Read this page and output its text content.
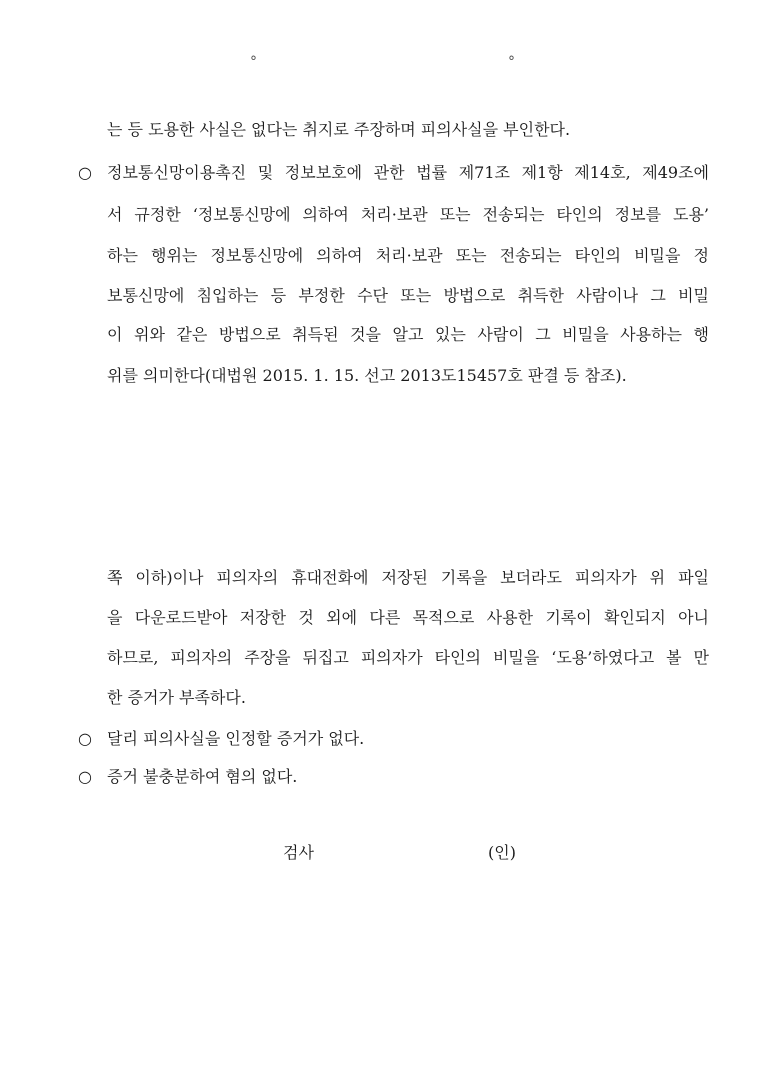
°	°
는 등 도용한 사실은 없다는 취지로 주장하며 피의사실을 부인한다.
○ 정보통신망이용촉진 및 정보보호에 관한 법률 제71조 제1항 제14호, 제49조에
서 규정한 ‘정보통신망에 의하여 처리·보관 또는 전송되는 타인의 정보를 도용’
하는 행위는 정보통신망에 의하여 처리·보관 또는 전송되는 타인의 비밀을 정
보통신망에 침입하는 등 부정한 수단 또는 방법으로 취득한 사람이나 그 비밀
이 위와 같은 방법으로 취득된 것을 알고 있는 사람이 그 비밀을 사용하는 행
위를 의미한다(대법원 2015. 1. 15. 선고 2013도15457호 판결 등 참조).
쪽 이하)이나 피의자의 휴대전화에 저장된 기록을 보더라도 피의자가 위 파일
을 다운로드받아 저장한 것 외에 다른 목적으로 사용한 기록이 확인되지 아니
하므로, 피의자의 주장을 뒤집고 피의자가 타인의 비밀을 ‘도용’하였다고 볼 만
한 증거가 부족하다.
○ 달리 피의사실을 인정할 증거가 없다.
○ 증거 불충분하여 혐의 없다.
검사	(인)
